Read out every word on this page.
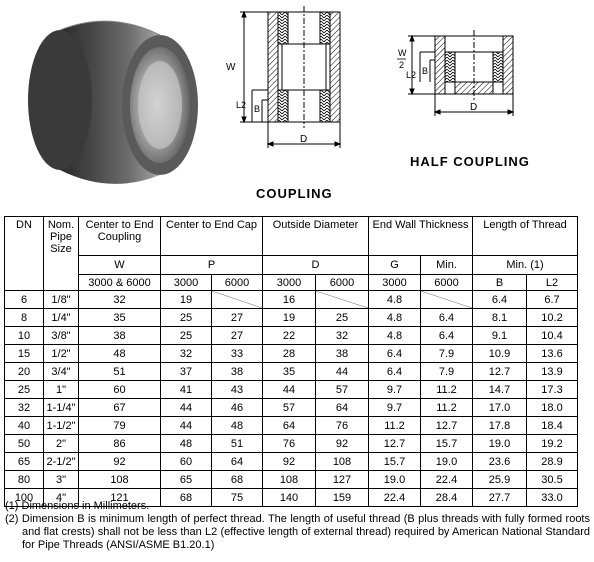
W
L2 B
D
W
2
L2 B
D
HALF COUPLING
COUPLING
DN	Nom.
Pipe
Size	Center to End Coupling	Center to End Cap		Outside Diameter		End Wall Thickness		Length of Thread	
		W	P		D		G	Min.	Min. (1)	
		3000 & 6000	3000	6000	3000	6000	3000	6000	B	L2
6	1/8"	32	19		16		4.8		6.4	6.7
8	1/4"	35	25	27	19	25	4.8	6.4	8.1	10.2
10	3/8"	38	25	27	22	32	4.8	6.4	9.1	10.4
15	1/2"	48	32	33	28	38	6.4	7.9	10.9	13.6
20	3/4"	51	37	38	35	44	6.4	7.9	12.7	13.9
25	1"	60	41	43	44	57	9.7	11.2	14.7	17.3
32	1-1/4"	67	44	46	57	64	9.7	11.2	17.0	18.0
40	1-1/2"	79	44	48	64	76	11.2	12.7	17.8	18.4
50	2"	86	48	51	76	92	12.7	15.7	19.0	19.2
65	2-1/2"	92	60	64	92	108	15.7	19.0	23.6	28.9
80	3"	108	65	68	108	127	19.0	22.4	25.9	30.5
100	4"	121	68	75	140	159	22.4	28.4	27.7	33.0

(1) Dimensions in Millimeters.

(2) Dimension B is minimum length of perfect thread. The length of useful thread (B plus threads with fully formed roots and flat crests) shall not be less than L2 (effective length of external thread) required by American National Standard for Pipe Threads (ANSI/ASME B1.20.1)
